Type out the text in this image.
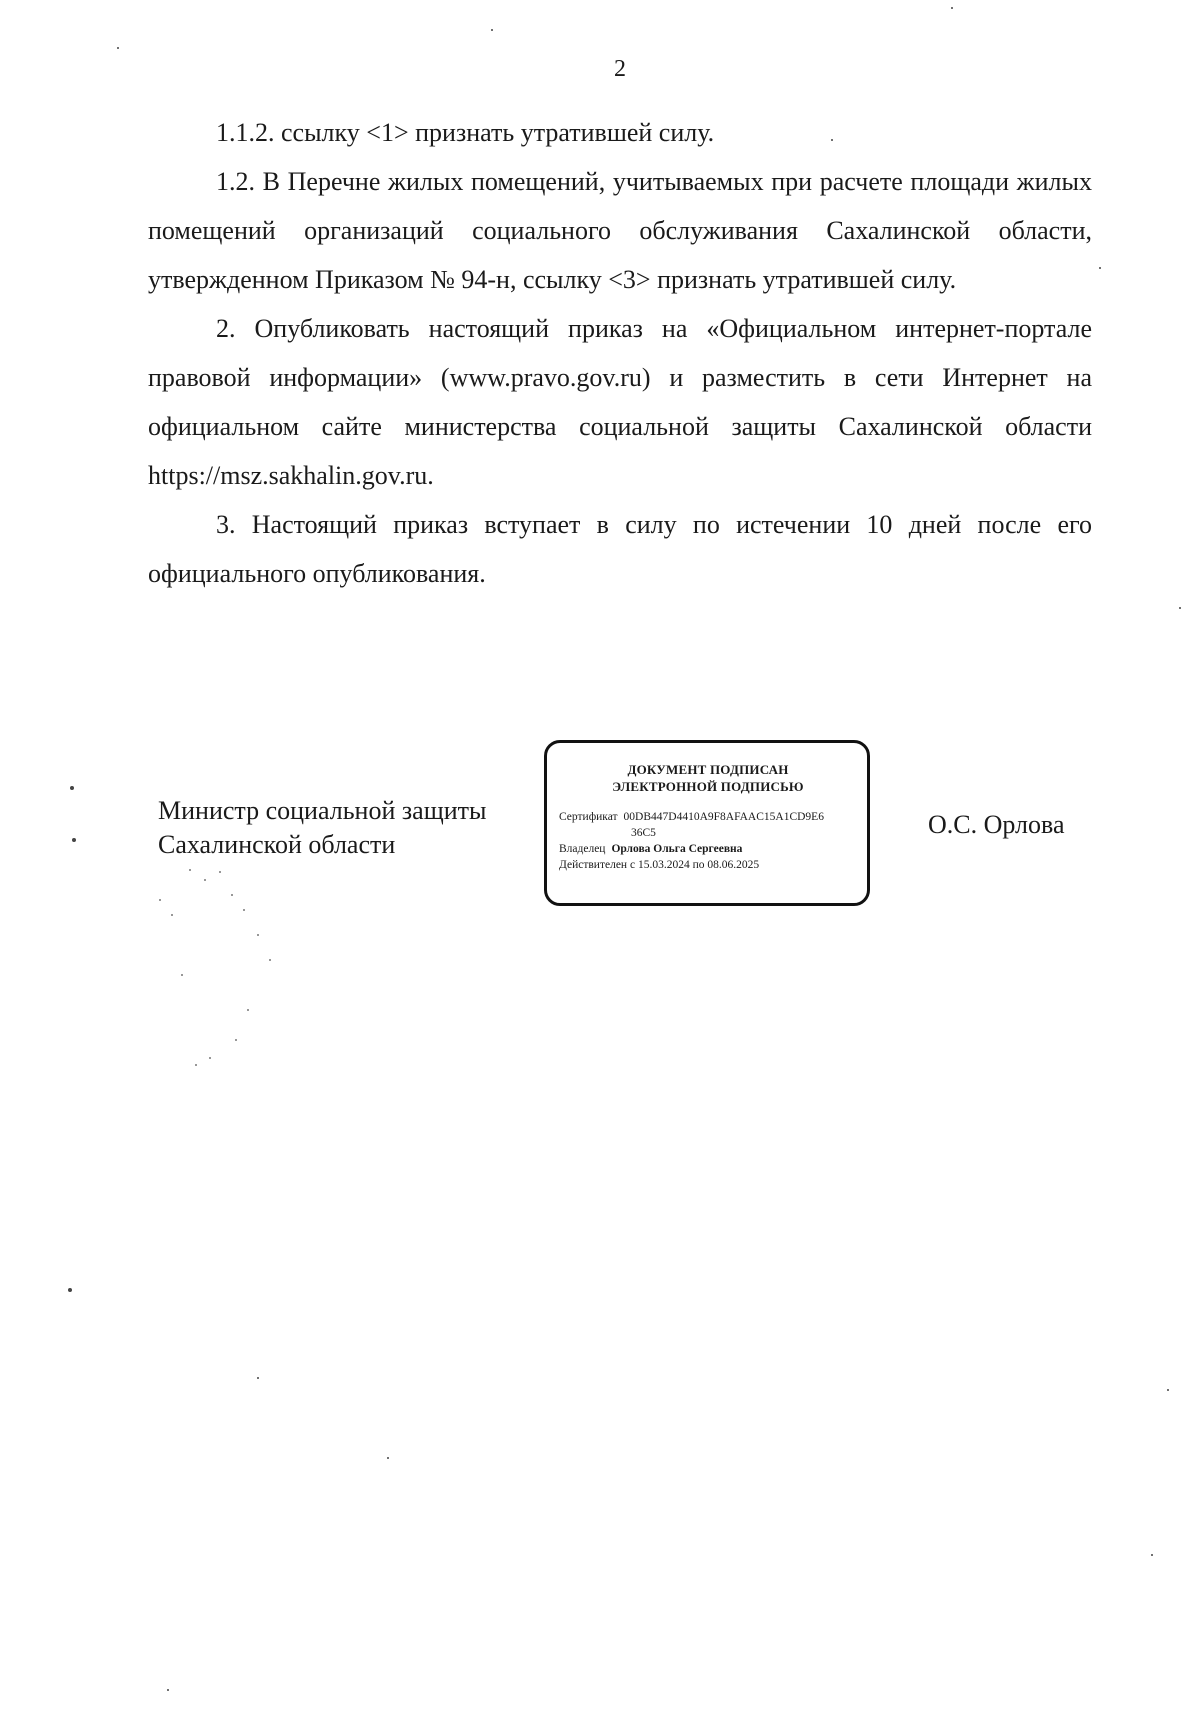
2

1.1.2. ссылку <1> признать утратившей силу.

1.2. В Перечне жилых помещений, учитываемых при расчете площади жилых помещений организаций социального обслуживания Сахалинской области, утвержденном Приказом № 94-н, ссылку <3> признать утратившей силу.

2. Опубликовать настоящий приказ на «Официальном интернет-портале правовой информации» (www.pravo.gov.ru) и разместить в сети Интернет на официальном сайте министерства социальной защиты Сахалинской области https://msz.sakhalin.gov.ru.

3. Настоящий приказ вступает в силу по истечении 10 дней после его официального опубликования.

Министр социальной защиты
Сахалинской области
ДОКУМЕНТ ПОДПИСАН
ЭЛЕКТРОННОЙ ПОДПИСЬЮ
Сертификат 00DB447D4410A9F8AFAAC15A1CD9E6
36C5
Владелец Орлова Ольга Сергеевна
Действителен с 15.03.2024 по 08.06.2025
О.С. Орлова
